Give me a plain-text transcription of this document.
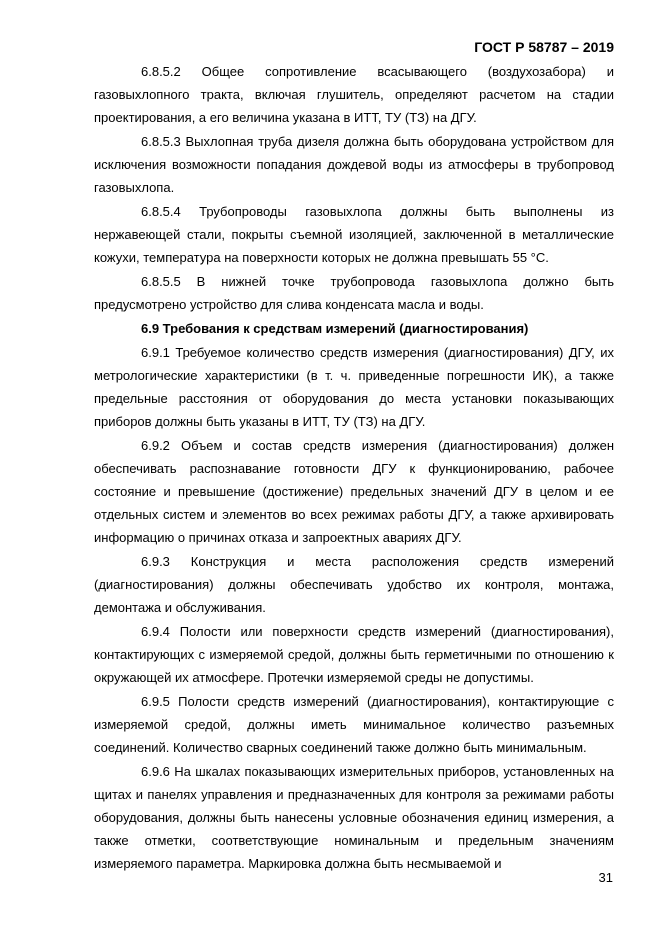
ГОСТ Р 58787 – 2019

6.8.5.2 Общее сопротивление всасывающего (воздухозабора) и газовыхлопного тракта, включая глушитель, определяют расчетом на стадии проектирования, а его величина указана в ИТТ, ТУ (ТЗ) на ДГУ.

6.8.5.3 Выхлопная труба дизеля должна быть оборудована устройством для исключения возможности попадания дождевой воды из атмосферы в трубопровод газовыхлопа.

6.8.5.4 Трубопроводы газовыхлопа должны быть выполнены из нержавеющей стали, покрыты съемной изоляцией, заключенной в металлические кожухи, температура на поверхности которых не должна превышать 55 °С.

6.8.5.5 В нижней точке трубопровода газовыхлопа должно быть предусмотрено устройство для слива конденсата масла и воды.

6.9 Требования к средствам измерений (диагностирования)

6.9.1 Требуемое количество средств измерения (диагностирования) ДГУ, их метрологические характеристики (в т. ч. приведенные погрешности ИК), а также предельные расстояния от оборудования до места установки показывающих приборов должны быть указаны в ИТТ, ТУ (ТЗ) на ДГУ.

6.9.2 Объем и состав средств измерения (диагностирования) должен обеспечивать распознавание готовности ДГУ к функционированию, рабочее состояние и превышение (достижение) предельных значений ДГУ в целом и ее отдельных систем и элементов во всех режимах работы ДГУ, а также архивировать информацию о причинах отказа и запроектных авариях ДГУ.

6.9.3 Конструкция и места расположения средств измерений (диагностирования) должны обеспечивать удобство их контроля, монтажа, демонтажа и обслуживания.

6.9.4 Полости или поверхности средств измерений (диагностирования), контактирующих с измеряемой средой, должны быть герметичными по отношению к окружающей их атмосфере. Протечки измеряемой среды не допустимы.

6.9.5 Полости средств измерений (диагностирования), контактирующие с измеряемой средой, должны иметь минимальное количество разъемных соединений. Количество сварных соединений также должно быть минимальным.

6.9.6 На шкалах показывающих измерительных приборов, установленных на щитах и панелях управления и предназначенных для контроля за режимами работы оборудования, должны быть нанесены условные обозначения единиц измерения, а также отметки, соответствующие номинальным и предельным значениям измеряемого параметра. Маркировка должна быть несмываемой и

31
